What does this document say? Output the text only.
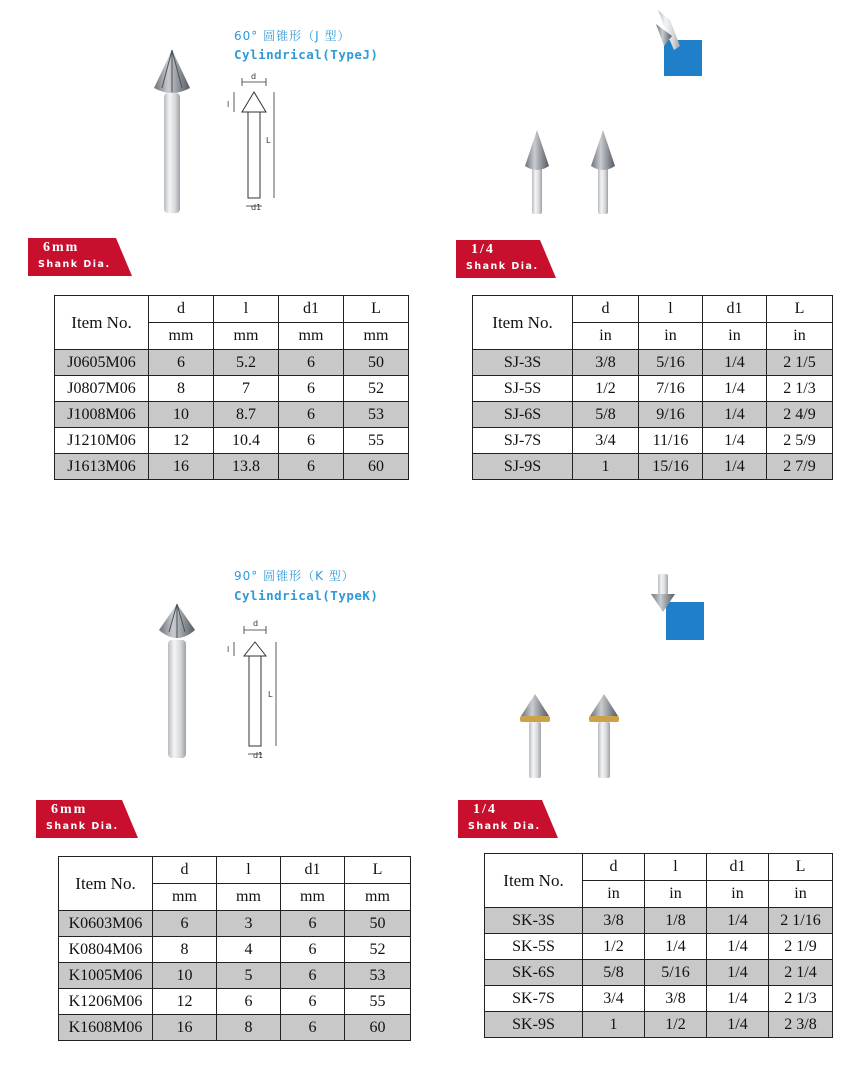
d
l
L
d1
60° 圆锥形（J 型）
Cylindrical(TypeJ)
6mm
Shank Dia.
1/4
Shank Dia.
Item No.	d	l	d1	L
	mm	mm	mm	mm
J0605M06	6	5.2	6	50
J0807M06	8	7	6	52
J1008M06	10	8.7	6	53
J1210M06	12	10.4	6	55
J1613M06	16	13.8	6	60
Item No.	d	l	d1	L
	in	in	in	in
SJ-3S	3/8	5/16	1/4	2 1/5
SJ-5S	1/2	7/16	1/4	2 1/3
SJ-6S	5/8	9/16	1/4	2 4/9
SJ-7S	3/4	11/16	1/4	2 5/9
SJ-9S	1	15/16	1/4	2 7/9
d
l
L
d1
90° 圆锥形（K 型）
Cylindrical(TypeK)
6mm
Shank Dia.
1/4
Shank Dia.
Item No.	d	l	d1	L
	mm	mm	mm	mm
K0603M06	6	3	6	50
K0804M06	8	4	6	52
K1005M06	10	5	6	53
K1206M06	12	6	6	55
K1608M06	16	8	6	60
Item No.	d	l	d1	L
	in	in	in	in
SK-3S	3/8	1/8	1/4	2 1/16
SK-5S	1/2	1/4	1/4	2 1/9
SK-6S	5/8	5/16	1/4	2 1/4
SK-7S	3/4	3/8	1/4	2 1/3
SK-9S	1	1/2	1/4	2 3/8
